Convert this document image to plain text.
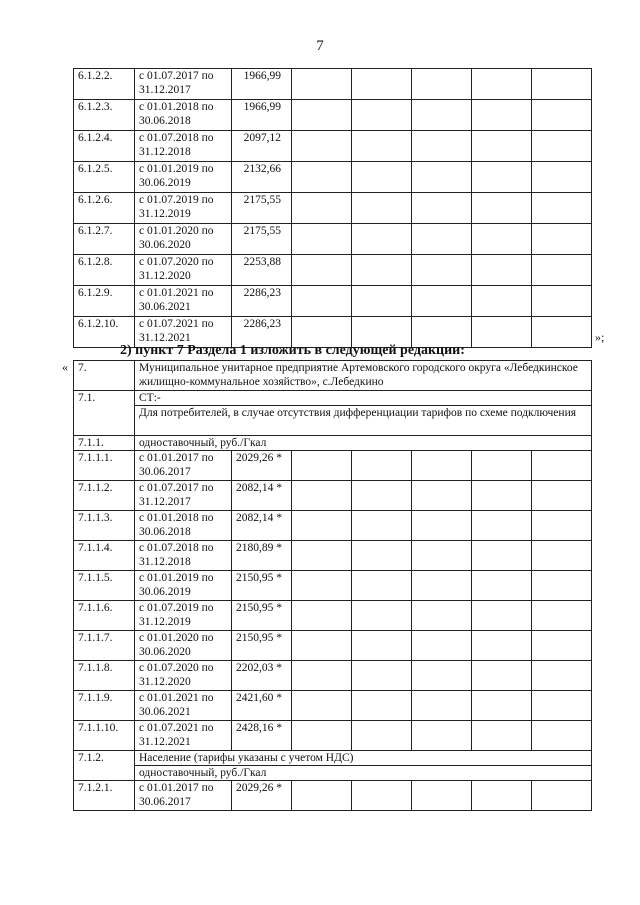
7
6.1.2.2.	с 01.07.2017 по 31.12.2017	1966,99					
6.1.2.3.	с 01.01.2018 по 30.06.2018	1966,99					
6.1.2.4.	с 01.07.2018 по 31.12.2018	2097,12					
6.1.2.5.	с 01.01.2019 по 30.06.2019	2132,66					
6.1.2.6.	с 01.07.2019 по 31.12.2019	2175,55					
6.1.2.7.	с 01.01.2020 по 30.06.2020	2175,55					
6.1.2.8.	с 01.07.2020 по 31.12.2020	2253,88					
6.1.2.9.	с 01.01.2021 по 30.06.2021	2286,23					
6.1.2.10.	с 01.07.2021 по 31.12.2021	2286,23					
»;
2) пункт 7 Раздела 1 изложить в следующей редакции:
« 7.	Муниципальное унитарное предприятие Артемовского городского округа «Лебедкинское жилищно-коммунальное хозяйство», с.Лебедкино						
7.1.	СТ:-						
	Для потребителей, в случае отсутствия дифференциации тарифов по схеме подключения						
7.1.1.	одноставочный, руб./Гкал						
7.1.1.1.	с 01.01.2017 по 30.06.2017	2029,26 *					
7.1.1.2.	с 01.07.2017 по 31.12.2017	2082,14 *					
7.1.1.3.	с 01.01.2018 по 30.06.2018	2082,14 *					
7.1.1.4.	с 01.07.2018 по 31.12.2018	2180,89 *					
7.1.1.5.	с 01.01.2019 по 30.06.2019	2150,95 *					
7.1.1.6.	с 01.07.2019 по 31.12.2019	2150,95 *					
7.1.1.7.	с 01.01.2020 по 30.06.2020	2150,95 *					
7.1.1.8.	с 01.07.2020 по 31.12.2020	2202,03 *					
7.1.1.9.	с 01.01.2021 по 30.06.2021	2421,60 *					
7.1.1.10.	с 01.07.2021 по 31.12.2021	2428,16 *					
7.1.2.	Население (тарифы указаны с учетом НДС)						
	одноставочный, руб./Гкал						
7.1.2.1.	с 01.01.2017 по 30.06.2017	2029,26 *					
